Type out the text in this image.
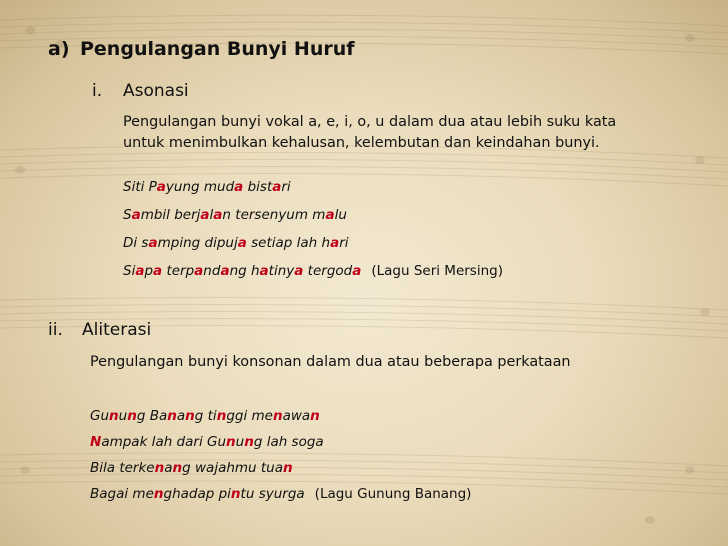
a) Pengulangan Bunyi Huruf
i. Asonasi
Pengulangan bunyi vokal a, e, i, o, u dalam dua atau lebih suku kata
untuk menimbulkan kehalusan, kelembutan dan keindahan bunyi.
Siti Payung muda bistari
Sambil berjalan tersenyum malu
Di samping dipuja setiap lah hari
Siapa terpandang hatinya tergoda (Lagu Seri Mersing)
ii. Aliterasi
Pengulangan bunyi konsonan dalam dua atau beberapa perkataan
Gunung Banang tinggi menawan
Nampak lah dari Gunung lah soga
Bila terkenang wajahmu tuan
Bagai menghadap pintu syurga (Lagu Gunung Banang)
